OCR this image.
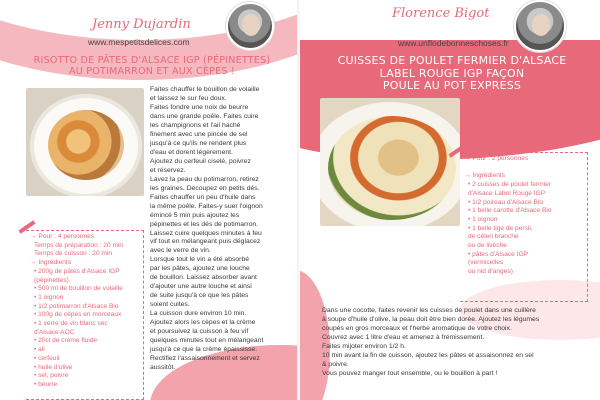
Jenny Dujardin
www.mespetitsdelices.com
RISOTTO DE PÂTES D'ALSACE IGP (PÉPINETTES)
AU POTIMARRON ET AUX CÈPES !
→ Pour : 4 personnes
Temps de préparation : 20 min
Temps de cuisson : 20 min
→ Ingrédients
• 200g de pâtes d'Alsace IGP
(pépinettes)
• 500 ml de bouillon de volaille
• 1 oignon
• 1/2 potimarron d'Alsace Bio
• 100g de cèpes en morceaux
• 1 verre de vin blanc sec
d'Alsace AOC
• 20cl de crème fluide
• ail
• cerfeuil
• huile d'olive
• sel, poivre
• beurre
Faites chauffer le bouillon de volaille
et laissez le sur feu doux.
Faites fondre une noix de beurre
dans une grande poêle. Faites cuire
les champignons et l'ail haché
finement avec une pincée de sel
jusqu'à ce qu'ils ne rendent plus
d'eau et dorent légèrement.
Ajoutez du cerfeuil ciselé, poivrez
et réservez.
Lavez la peau du potimarron, retirez
les graines. Découpez en petits dés.
Faites chauffer un peu d'huile dans
la même poêle. Faites-y suer l'oignon
émincé 5 min puis ajoutez les
pépinettes et les dés de potimarron.
Laissez cuire quelques minutes à feu
vif tout en mélangeant puis déglacez
avec le verre de vin.
Lorsque tout le vin a été absorbé
par les pâtes, ajoutez une louche
de bouillon. Laissez absorber avant
d'ajouter une autre louche et ainsi
de suite jusqu'à ce que les pâtes
soient cuites.
La cuisson dure environ 10 min.
Ajoutez alors les cèpes et la crème
et poursuivez la cuisson à feu vif
quelques minutes tout en mélangeant
jusqu'à ce que la crème épaississe.
Rectifiez l'assaisonnement et servez
aussitôt.
Florence Bigot
www.unflodebonneschoses.fr
CUISSES DE POULET FERMIER D'ALSACE
LABEL ROUGE IGP FAÇON
POULE AU POT EXPRESS
→ Pour : 2 personnes

→ Ingrédients
• 2 cuisses de poulet fermier
d'Alsace Label Rouge IGP
• 1/2 poireau d'Alsace Bio
• 1 belle carotte d'Alsace Bio
• 1 oignon
• 1 belle tige de persil,
de céleri branche
ou de livèche
• pâtes d'Alsace IGP
(vermicelles
ou nid d'anges)
Dans une cocotte, faites revenir les cuisses de poulet dans une cuillère
à soupe d'huile d'olive, la peau doit être bien dorée. Ajoutez les légumes
coupés en gros morceaux et l'herbe aromatique de votre choix.
Couvrez avec 1 litre d'eau et amenez à frémissement.
Faites mijoter environ 1/2 h.
10 min avant la fin de cuisson, ajoutez les pâtes et assaisonnez en sel
& poivre.
Vous pouvez manger tout ensemble, ou le bouillon à part !
